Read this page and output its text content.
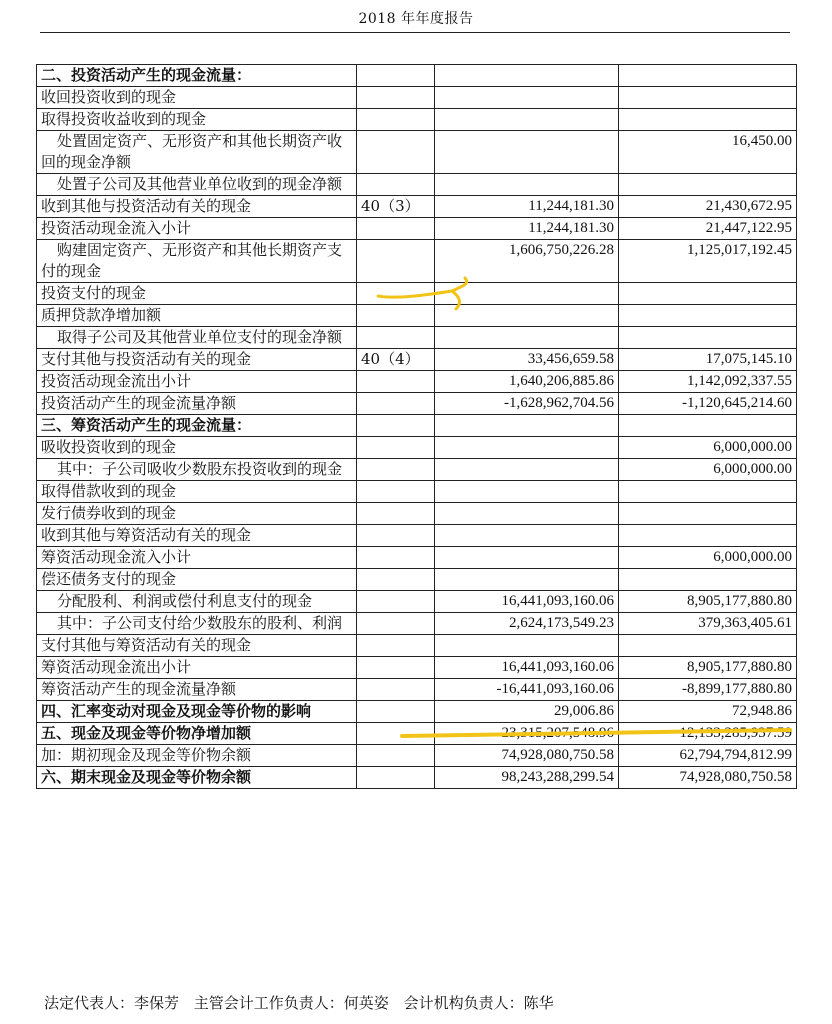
2018 年年度报告
二、投资活动产生的现金流量：			
收回投资收到的现金			
取得投资收益收到的现金			
处置固定资产、无形资产和其他长期资产收回的现金净额			16,450.00
处置子公司及其他营业单位收到的现金净额			
收到其他与投资活动有关的现金	40（3）	11,244,181.30	21,430,672.95
投资活动现金流入小计		11,244,181.30	21,447,122.95
购建固定资产、无形资产和其他长期资产支付的现金		1,606,750,226.28	1,125,017,192.45
投资支付的现金			
质押贷款净增加额			
取得子公司及其他营业单位支付的现金净额			
支付其他与投资活动有关的现金	40（4）	33,456,659.58	17,075,145.10
投资活动现金流出小计		1,640,206,885.86	1,142,092,337.55
投资活动产生的现金流量净额		-1,628,962,704.56	-1,120,645,214.60
三、筹资活动产生的现金流量：			
吸收投资收到的现金			6,000,000.00
其中：子公司吸收少数股东投资收到的现金			6,000,000.00
取得借款收到的现金			
发行债券收到的现金			
收到其他与筹资活动有关的现金			
筹资活动现金流入小计			6,000,000.00
偿还债务支付的现金			
分配股利、利润或偿付利息支付的现金		16,441,093,160.06	8,905,177,880.80
其中：子公司支付给少数股东的股利、利润		2,624,173,549.23	379,363,405.61
支付其他与筹资活动有关的现金			
筹资活动现金流出小计		16,441,093,160.06	8,905,177,880.80
筹资活动产生的现金流量净额		-16,441,093,160.06	-8,899,177,880.80
四、汇率变动对现金及现金等价物的影响		29,006.86	72,948.86
五、现金及现金等价物净增加额		23,315,207,548.96	12,133,285,937.59
加：期初现金及现金等价物余额		74,928,080,750.58	62,794,794,812.99
六、期末现金及现金等价物余额		98,243,288,299.54	74,928,080,750.58
法定代表人：李保芳 主管会计工作负责人：何英姿 会计机构负责人：陈华
